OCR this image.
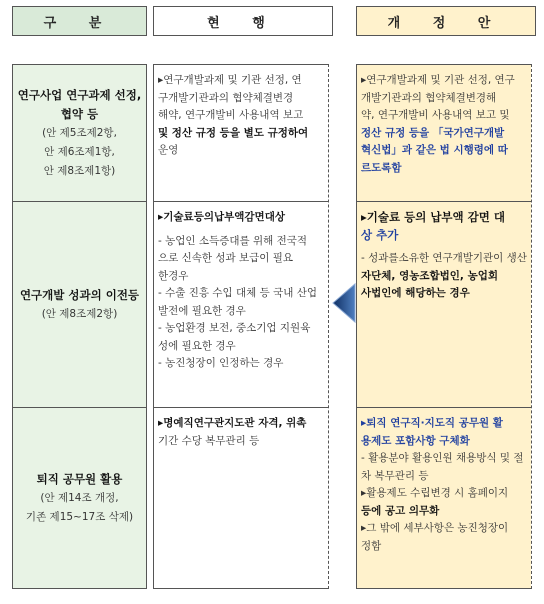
구 분	현 행	개 정 안
연구사업 연구과제 선정,
협약 등
(안 제5조제2항,
안 제6조제1항,
안 제8조제1항)
연구개발 성과의 이전등
(안 제8조제2항)
퇴직 공무원 활용
(안 제14조 개정,
기존 제15~17조 삭제)
▸연구개발과제 및 기관 선정, 연
구개발기관과의 협약체결변경
해약, 연구개발비 사용내역 보고
및 정산 규정 등을 별도 규정하여
운영
▸기술료등의납부액감면대상
- 농업인 소득증대를 위해 전국적
으로 신속한 성과 보급이 필요
한경우
- 수출 진흥 수입 대체 등 국내 산업
발전에 필요한 경우
- 농업환경 보전, 중소기업 지원육
성에 필요한 경우
- 농진청장이 인정하는 경우
▸명예직연구관지도관 자격, 위촉
기간 수당 복무관리 등
▸연구개발과제 및 기관 선정, 연구
개발기관과의 협약체결변경해
약, 연구개발비 사용내역 보고 및
정산 규정 등을 「국가연구개발
혁신법」과 같은 법 시행령에 따
르도록함
▸기술료 등의 납부액 감면 대
상 추가
- 성과를소유한 연구개발기관이 생산
자단체, 영농조합법인, 농업회
사법인에 해당하는 경우
▸퇴직 연구직·지도직 공무원 활
용제도 포함사항 구체화
- 활용분야 활용인원 채용방식 및 절
차 복무관리 등
▸활용제도 수립변경 시 홈페이지
등에 공고 의무화
▸그 밖에 세부사항은 농진청장이
정함
